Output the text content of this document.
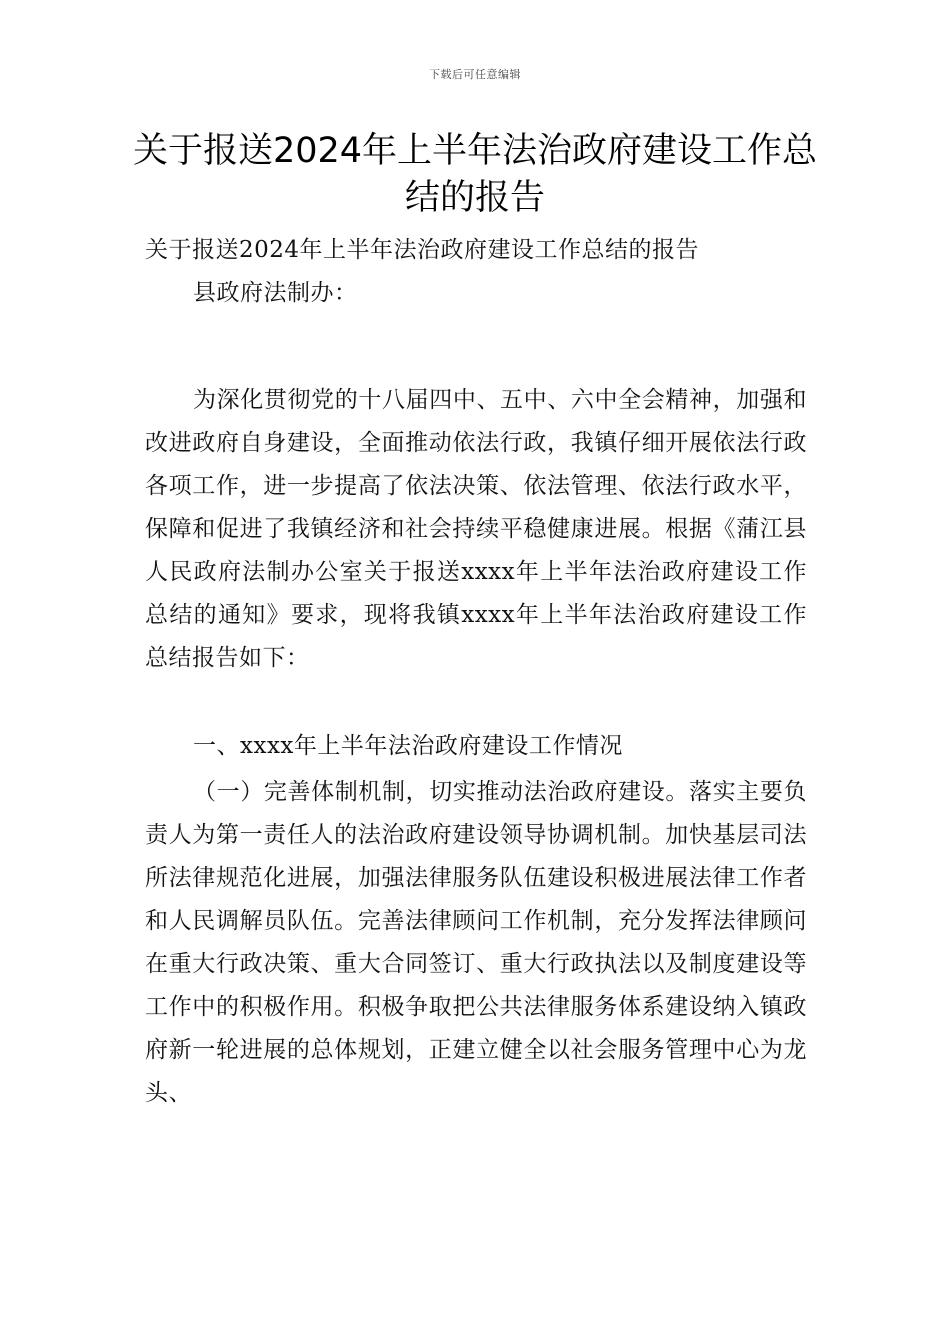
下载后可任意编辑
关于报送2024年上半年法治政府建设工作总结的报告

关于报送2024年上半年法治政府建设工作总结的报告

县政府法制办：

为深化贯彻党的十八届四中、五中、六中全会精神，加强和改进政府自身建设，全面推动依法行政，我镇仔细开展依法行政各项工作，进一步提高了依法决策、依法管理、依法行政水平，保障和促进了我镇经济和社会持续平稳健康进展。根据《蒲江县人民政府法制办公室关于报送xxxx年上半年法治政府建设工作总结的通知》要求，现将我镇xxxx年上半年法治政府建设工作总结报告如下：

一、xxxx年上半年法治政府建设工作情况

（一）完善体制机制，切实推动法治政府建设。落实主要负责人为第一责任人的法治政府建设领导协调机制。加快基层司法所法律规范化进展，加强法律服务队伍建设积极进展法律工作者和人民调解员队伍。完善法律顾问工作机制，充分发挥法律顾问在重大行政决策、重大合同签订、重大行政执法以及制度建设等工作中的积极作用。积极争取把公共法律服务体系建设纳入镇政府新一轮进展的总体规划，正建立健全以社会服务管理中心为龙头、
